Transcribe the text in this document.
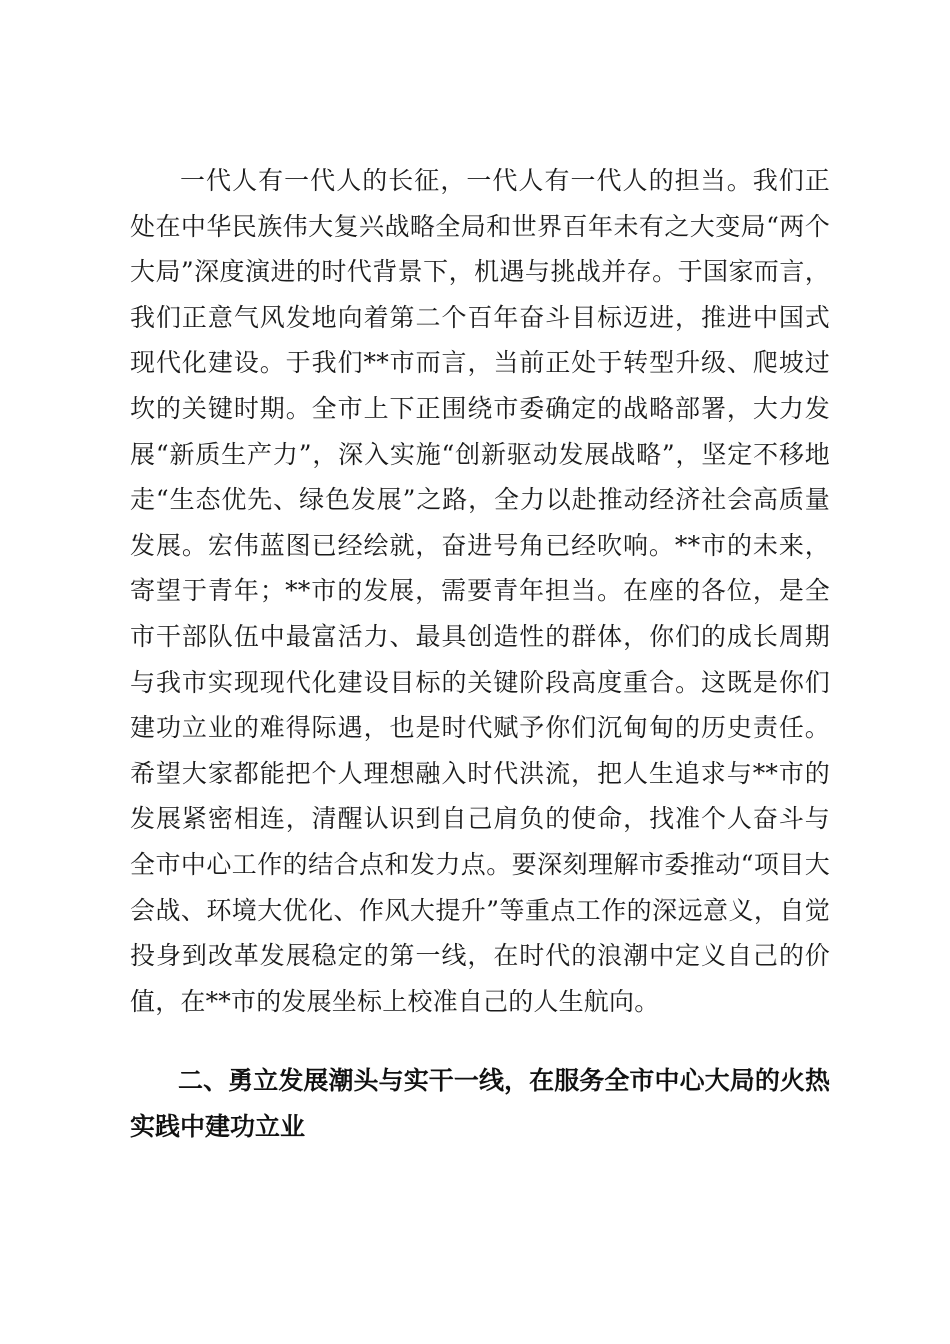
一代人有一代人的长征，一代人有一代人的担当。我们正处在中华民族伟大复兴战略全局和世界百年未有之大变局“两个大局”深度演进的时代背景下，机遇与挑战并存。于国家而言，我们正意气风发地向着第二个百年奋斗目标迈进，推进中国式现代化建设。于我们**市而言，当前正处于转型升级、爬坡过坎的关键时期。全市上下正围绕市委确定的战略部署，大力发展“新质生产力”，深入实施“创新驱动发展战略”，坚定不移地走“生态优先、绿色发展”之路，全力以赴推动经济社会高质量发展。宏伟蓝图已经绘就，奋进号角已经吹响。**市的未来，寄望于青年；**市的发展，需要青年担当。在座的各位，是全市干部队伍中最富活力、最具创造性的群体，你们的成长周期与我市实现现代化建设目标的关键阶段高度重合。这既是你们建功立业的难得际遇，也是时代赋予你们沉甸甸的历史责任。希望大家都能把个人理想融入时代洪流，把人生追求与**市的发展紧密相连，清醒认识到自己肩负的使命，找准个人奋斗与全市中心工作的结合点和发力点。要深刻理解市委推动“项目大会战、环境大优化、作风大提升”等重点工作的深远意义，自觉投身到改革发展稳定的第一线，在时代的浪潮中定义自己的价值，在**市的发展坐标上校准自己的人生航向。

二、勇立发展潮头与实干一线，在服务全市中心大局的火热实践中建功立业
